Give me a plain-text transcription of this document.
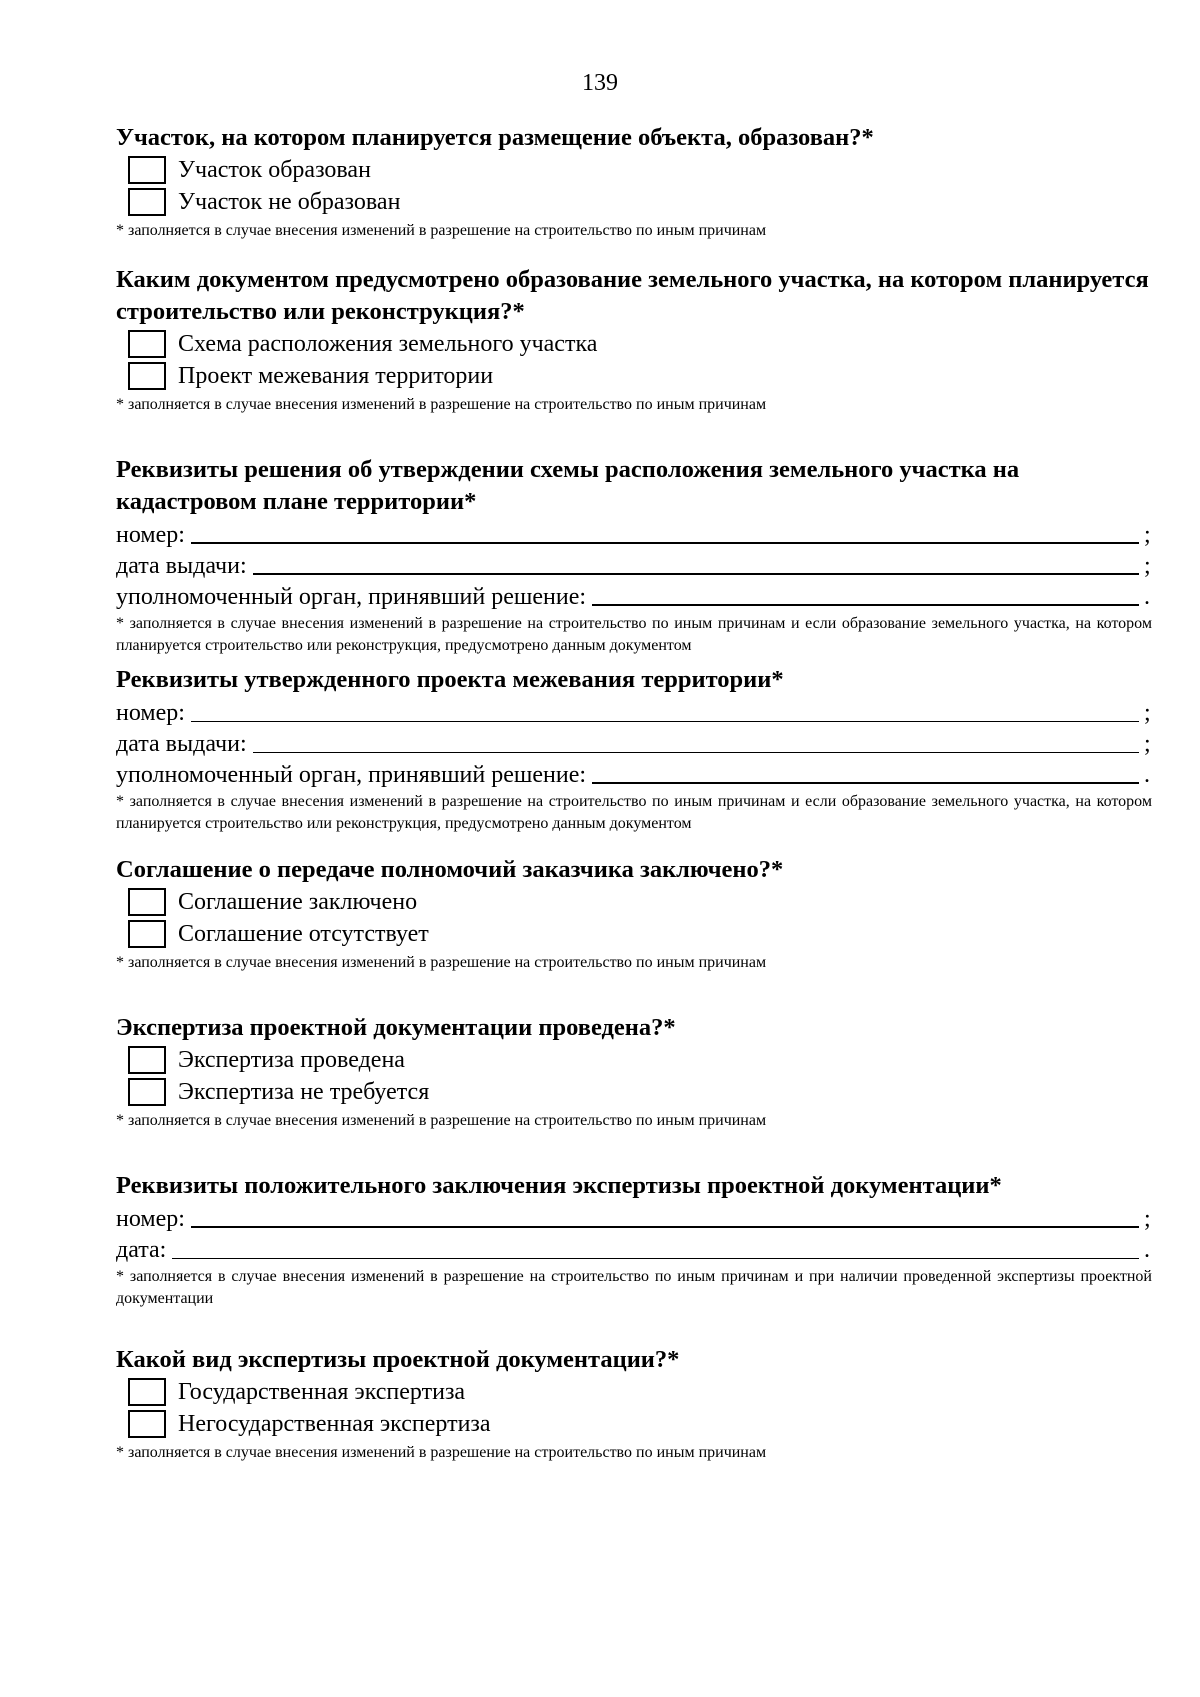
139

Участок, на котором планируется размещение объекта, образован?*

Участок образован
Участок не образован
* заполняется в случае внесения изменений в разрешение на строительство по иным причинам

Каким документом предусмотрено образование земельного участка, на котором планируется строительство или реконструкция?*

Схема расположения земельного участка
Проект межевания территории
* заполняется в случае внесения изменений в разрешение на строительство по иным причинам

Реквизиты решения об утверждении схемы расположения земельного участка на кадастровом плане территории*

номер:	;
дата выдачи:	;
уполномоченный орган, принявший решение:	.
* заполняется в случае внесения изменений в разрешение на строительство по иным причинам и если образование земельного участка, на котором планируется строительство или реконструкция, предусмотрено данным документом

Реквизиты утвержденного проекта межевания территории*

номер:	;
дата выдачи:	;
уполномоченный орган, принявший решение:	.
* заполняется в случае внесения изменений в разрешение на строительство по иным причинам и если образование земельного участка, на котором планируется строительство или реконструкция, предусмотрено данным документом

Соглашение о передаче полномочий заказчика заключено?*

Соглашение заключено
Соглашение отсутствует
* заполняется в случае внесения изменений в разрешение на строительство по иным причинам

Экспертиза проектной документации проведена?*

Экспертиза проведена
Экспертиза не требуется
* заполняется в случае внесения изменений в разрешение на строительство по иным причинам

Реквизиты положительного заключения экспертизы проектной документации*

номер:	;
дата:	.
* заполняется в случае внесения изменений в разрешение на строительство по иным причинам и при наличии проведенной экспертизы проектной документации

Какой вид экспертизы проектной документации?*

Государственная экспертиза
Негосударственная экспертиза
* заполняется в случае внесения изменений в разрешение на строительство по иным причинам
